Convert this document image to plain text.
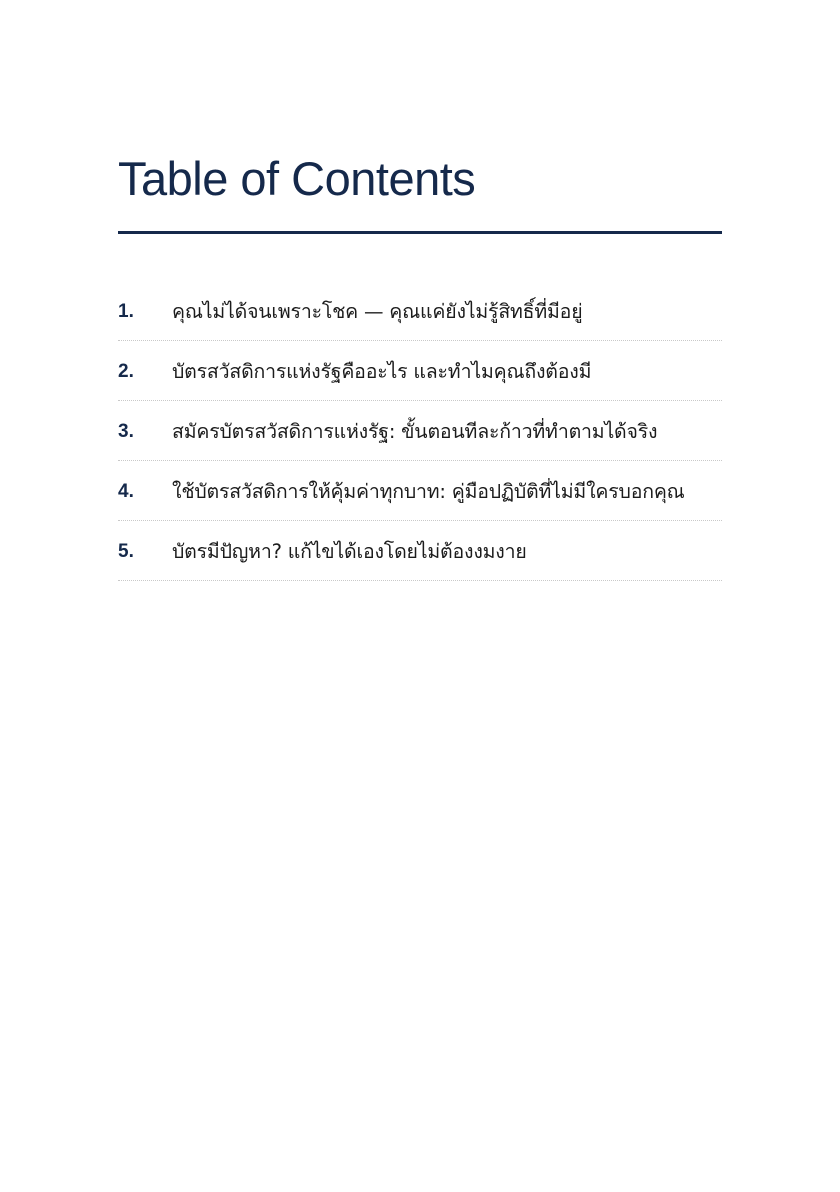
Table of Contents
1.	คุณไม่ได้จนเพราะโชค — คุณแค่ยังไม่รู้สิทธิ์ที่มีอยู่
2.	บัตรสวัสดิการแห่งรัฐคืออะไร และทำไมคุณถึงต้องมี
3.	สมัครบัตรสวัสดิการแห่งรัฐ: ขั้นตอนทีละก้าวที่ทำตามได้จริง
4.	ใช้บัตรสวัสดิการให้คุ้มค่าทุกบาท: คู่มือปฏิบัติที่ไม่มีใครบอกคุณ
5.	บัตรมีปัญหา? แก้ไขได้เองโดยไม่ต้องงมงาย
